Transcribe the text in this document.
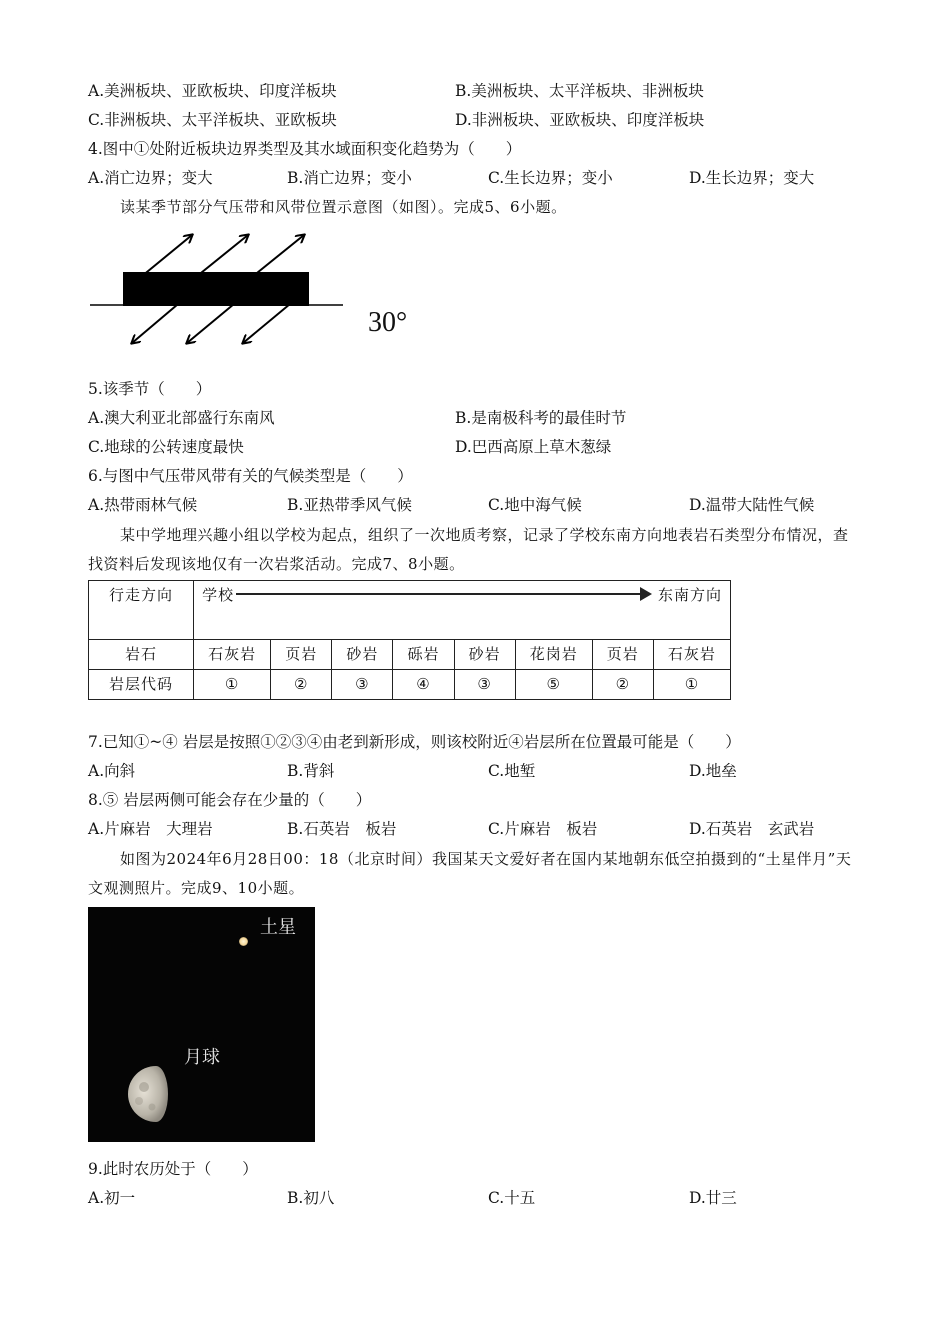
A.美洲板块、亚欧板块、印度洋板块	B.美洲板块、太平洋板块、非洲板块
C.非洲板块、太平洋板块、亚欧板块	D.非洲板块、亚欧板块、印度洋板块
4.图中①处附近板块边界类型及其水域面积变化趋势为（　　）
A.消亡边界；变大	B.消亡边界；变小	C.生长边界；变小	D.生长边界；变大
读某季节部分气压带和风带位置示意图（如图）。完成5、6小题。
30°
5.该季节（　　）
A.澳大利亚北部盛行东南风	B.是南极科考的最佳时节
C.地球的公转速度最快	D.巴西高原上草木葱绿
6.与图中气压带风带有关的气候类型是（　　）
A.热带雨林气候	B.亚热带季风气候	C.地中海气候	D.温带大陆性气候
某中学地理兴趣小组以学校为起点，组织了一次地质考察，记录了学校东南方向地表岩石类型分布情况，查找资料后发现该地仅有一次岩浆活动。完成7、8小题。
行走方向	学校 东南方向							

岩石	石灰岩	页岩	砂岩	砾岩	砂岩	花岗岩	页岩	石灰岩
岩层代码	①	②	③	④	③	⑤	②	①
7.已知①~④ 岩层是按照①②③④由老到新形成，则该校附近④岩层所在位置最可能是（　　）
A.向斜	B.背斜	C.地堑	D.地垒
8.⑤ 岩层两侧可能会存在少量的（　　）
A.片麻岩　大理岩	B.石英岩　板岩	C.片麻岩　板岩	D.石英岩　玄武岩
如图为2024年6月28日00：18（北京时间）我国某天文爱好者在国内某地朝东低空拍摄到的“土星伴月”天文观测照片。完成9、10小题。
土星
月球
9.此时农历处于（　　）
A.初一	B.初八	C.十五	D.廿三
